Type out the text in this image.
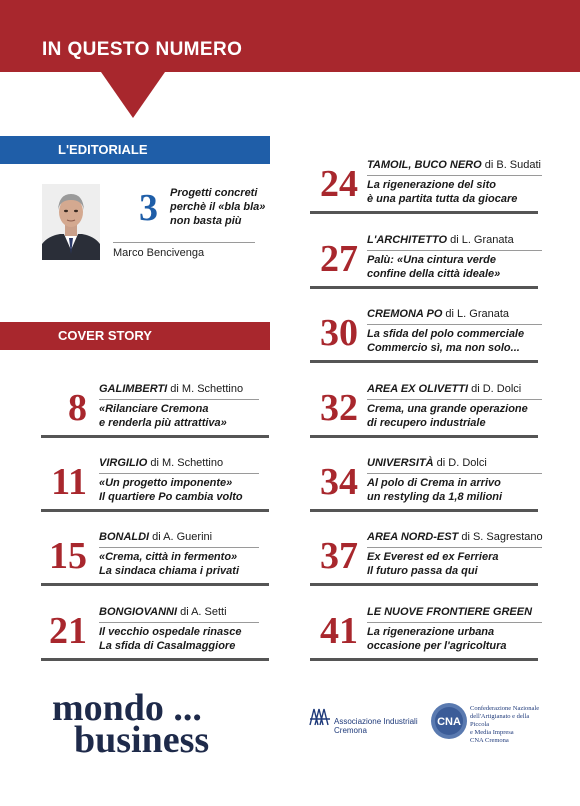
IN QUESTO NUMERO
L'EDITORIALE
3 Progetti concreti
perchè il «bla bla»
non basta più
Marco Bencivenga
COVER STORY
8 GALIMBERTI di M. Schettino
«Rilanciare Cremona
e renderla più attrattiva»
11 VIRGILIO di M. Schettino
«Un progetto imponente»
Il quartiere Po cambia volto
15 BONALDI di A. Guerini
«Crema, città in fermento»
La sindaca chiama i privati
21 BONGIOVANNI di A. Setti
Il vecchio ospedale rinasce
La sfida di Casalmaggiore
24 TAMOIL, BUCO NERO di B. Sudati
La rigenerazione del sito
è una partita tutta da giocare
27 L'ARCHITETTO di L. Granata
Palù: «Una cintura verde
confine della città ideale»
30 CREMONA PO di L. Granata
La sfida del polo commerciale
Commercio sì, ma non solo...
32 AREA EX OLIVETTI di D. Dolci
Crema, una grande operazione
di recupero industriale
34 UNIVERSITÀ di D. Dolci
Al polo di Crema in arrivo
un restyling da 1,8 milioni
37 AREA NORD-EST di S. Sagrestano
Ex Everest ed ex Ferriera
Il futuro passa da qui
41 LE NUOVE FRONTIERE GREEN
La rigenerazione urbana
occasione per l'agricoltura
mondo ...
business	Associazione Industriali
Cremona
CNA
Confederazione Nazionale
dell'Artigianato e della Piccola
e Media Impresa
CNA Cremona
